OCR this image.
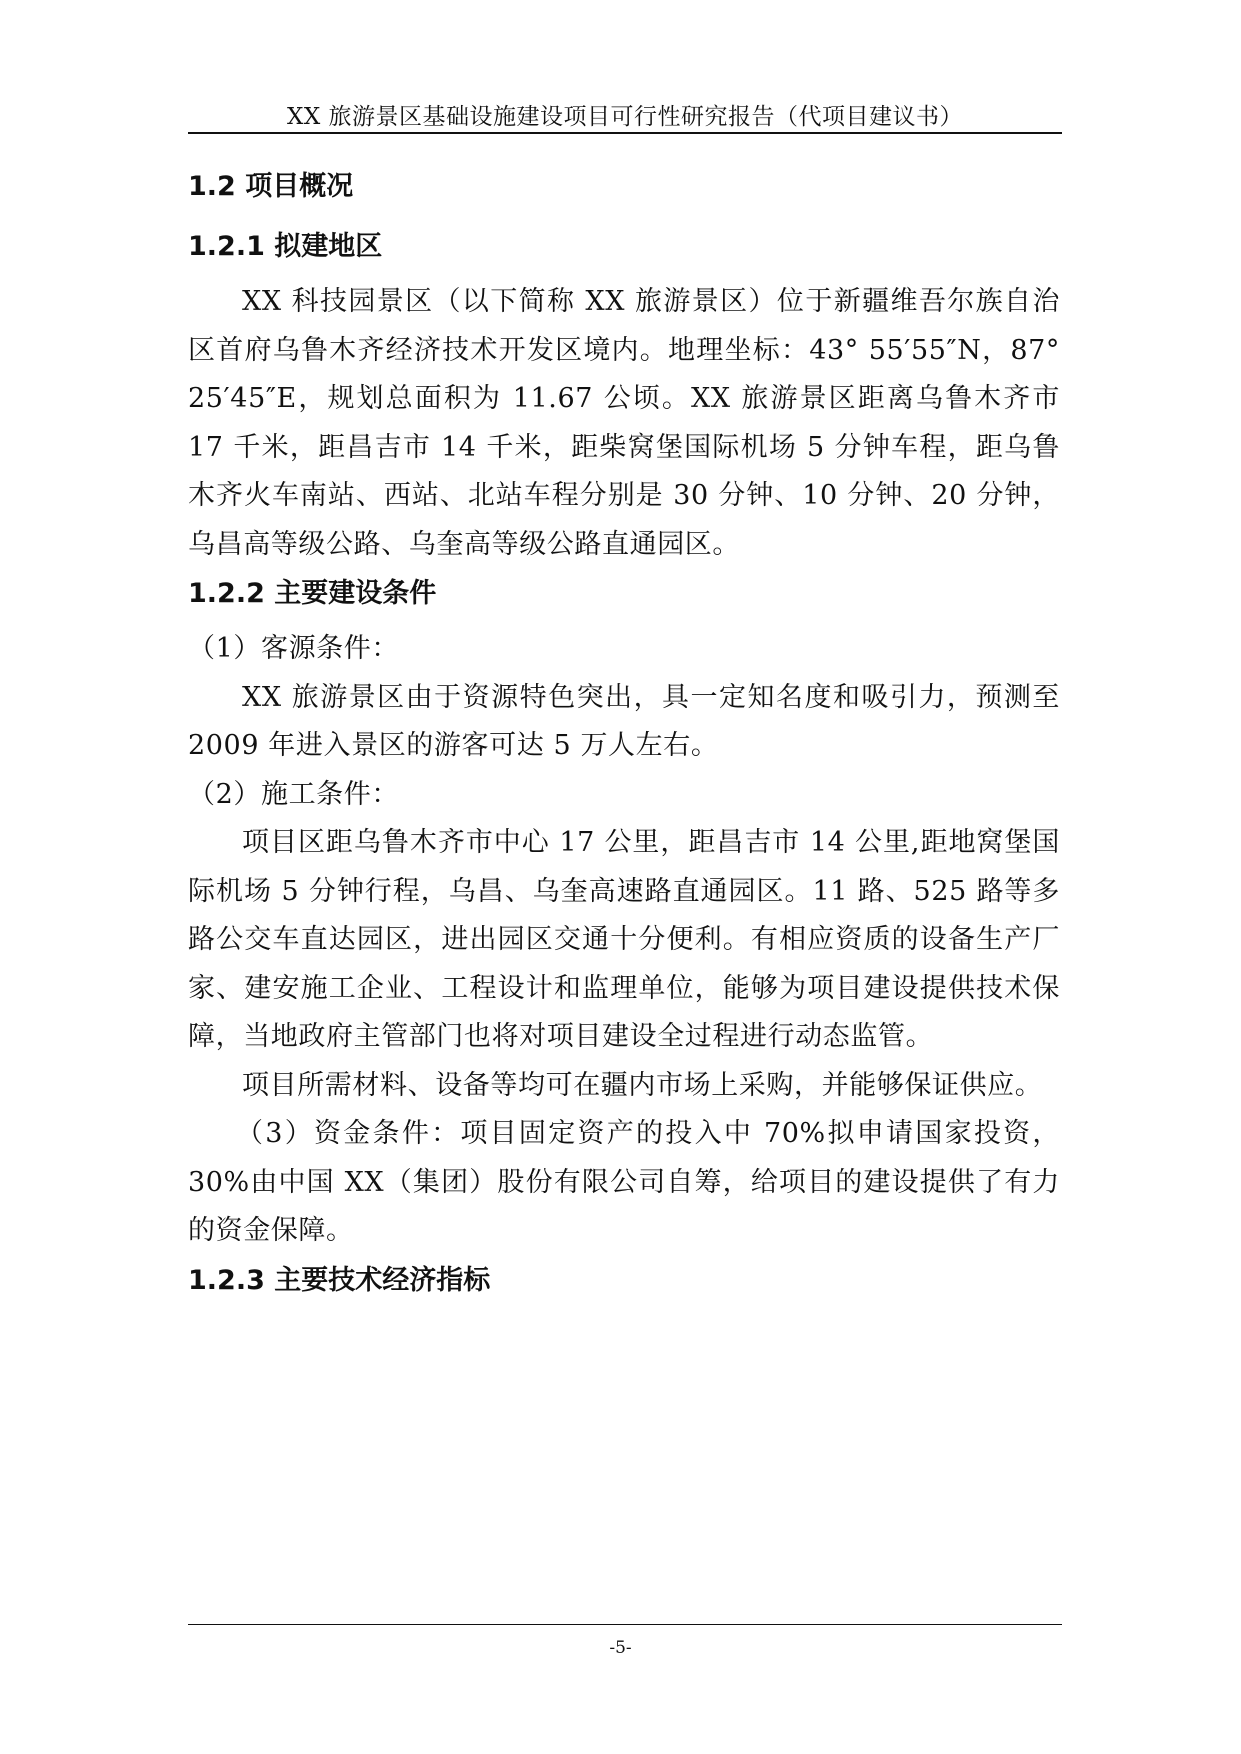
XX 旅游景区基础设施建设项目可行性研究报告（代项目建议书）
1.2 项目概况
1.2.1 拟建地区

XX 科技园景区（以下简称 XX 旅游景区）位于新疆维吾尔族自治区首府乌鲁木齐经济技术开发区境内。地理坐标：43° 55′55″N，87° 25′45″E，规划总面积为 11.67 公顷。XX 旅游景区距离乌鲁木齐市 17 千米，距昌吉市 14 千米，距柴窝堡国际机场 5 分钟车程，距乌鲁木齐火车南站、西站、北站车程分别是 30 分钟、10 分钟、20 分钟，乌昌高等级公路、乌奎高等级公路直通园区。

1.2.2 主要建设条件

（1）客源条件：

XX 旅游景区由于资源特色突出，具一定知名度和吸引力，预测至 2009 年进入景区的游客可达 5 万人左右。

（2）施工条件：

项目区距乌鲁木齐市中心 17 公里，距昌吉市 14 公里,距地窝堡国际机场 5 分钟行程，乌昌、乌奎高速路直通园区。11 路、525 路等多路公交车直达园区，进出园区交通十分便利。有相应资质的设备生产厂家、建安施工企业、工程设计和监理单位，能够为项目建设提供技术保障，当地政府主管部门也将对项目建设全过程进行动态监管。

项目所需材料、设备等均可在疆内市场上采购，并能够保证供应。

（3）资金条件：项目固定资产的投入中 70%拟申请国家投资，30%由中国 XX（集团）股份有限公司自筹，给项目的建设提供了有力的资金保障。

1.2.3 主要技术经济指标
-5-
